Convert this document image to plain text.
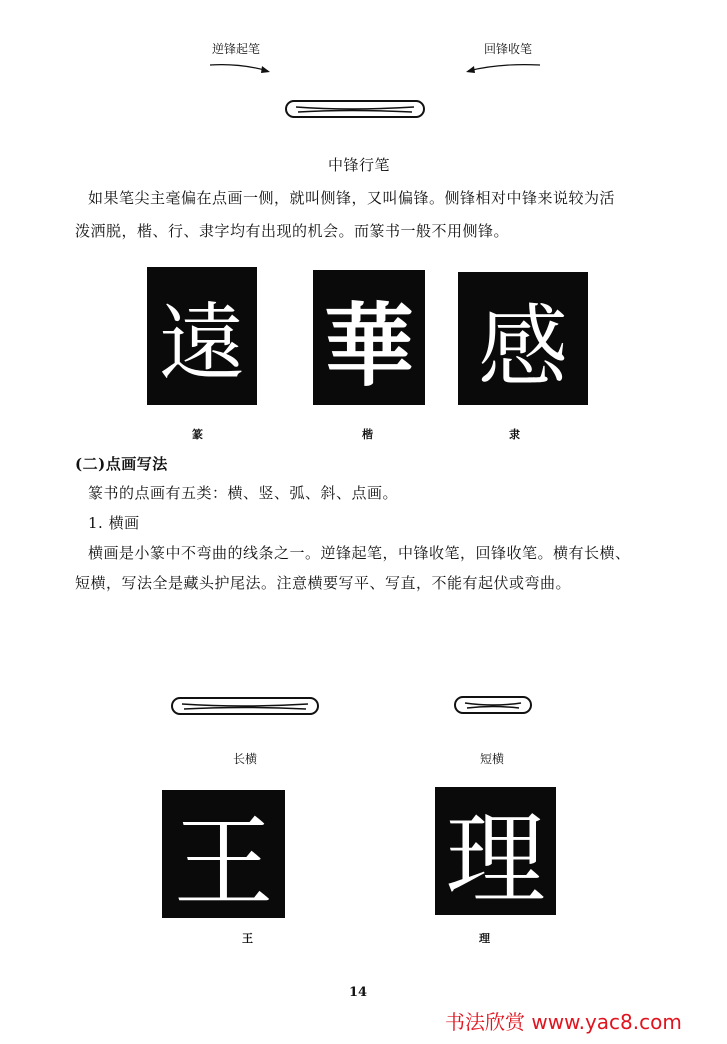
逆锋起笔	回锋收笔
中锋行笔
如果笔尖主毫偏在点画一侧，就叫侧锋，又叫偏锋。侧锋相对中锋来说较为活
泼洒脱，楷、行、隶字均有出现的机会。而篆书一般不用侧锋。
遠 華 感
篆	楷	隶
(二)点画写法
篆书的点画有五类：横、竖、弧、斜、点画。
1. 横画
横画是小篆中不弯曲的线条之一。逆锋起笔，中锋收笔，回锋收笔。横有长横、
短横，写法全是藏头护尾法。注意横要写平、写直，不能有起伏或弯曲。
长横	短横
王 理
王	理
14
书法欣赏 www.yac8.com
